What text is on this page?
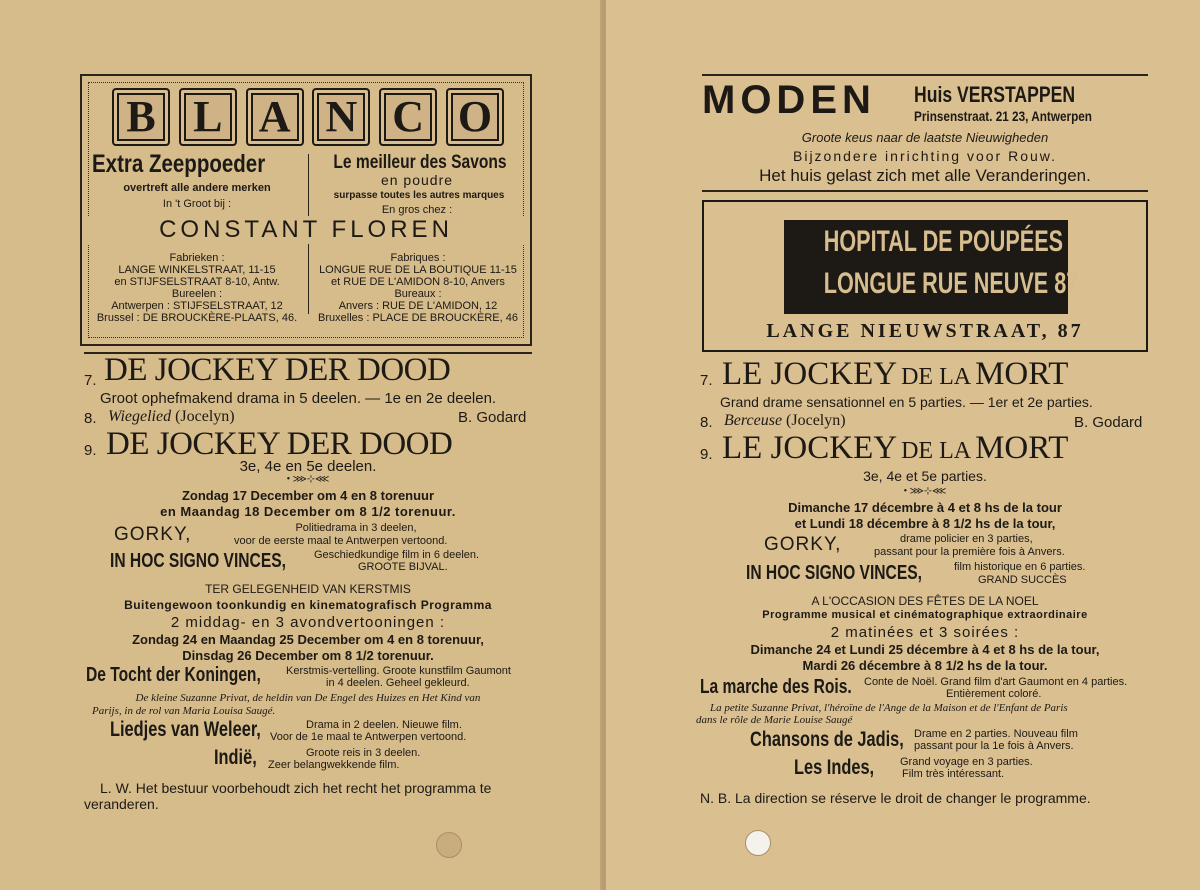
B L A N C O
Extra Zeeppoeder
overtreft alle andere merken
In 't Groot bij :
Le meilleur des Savons
en poudre
surpasse toutes les autres marques
En gros chez :
CONSTANT FLOREN
Fabrieken :
LANGE WINKELSTRAAT, 11-15
en STIJFSELSTRAAT 8-10, Antw.
Bureelen :
Antwerpen : STIJFSELSTRAAT, 12
Brussel : DE BROUCKÈRE-PLAATS, 46.
Fabriques :
LONGUE RUE DE LA BOUTIQUE 11-15
et RUE DE L'AMIDON 8-10, Anvers
Bureaux :
Anvers : RUE DE L'AMIDON, 12
Bruxelles : PLACE DE BROUCKÈRE, 46
7. DE JOCKEY DER DOOD
Groot ophefmakend drama in 5 deelen. — 1e en 2e deelen.
8. Wiegelied (Jocelyn)	B. Godard
9. DE JOCKEY DER DOOD
3e, 4e en 5e deelen.
• ⋙⊹⋘
Zondag 17 December om 4 en 8 torenuur
en Maandag 18 December om 8 1/2 torenuur.
GORKY,	Politiedrama in 3 deelen,
voor de eerste maal te Antwerpen vertoond.
IN HOC SIGNO VINCES,	Geschiedkundige film in 6 deelen.
GROOTE BIJVAL.
TER GELEGENHEID VAN KERSTMIS
Buitengewoon toonkundig en kinematografisch Programma
2 middag- en 3 avondvertooningen :
Zondag 24 en Maandag 25 December om 4 en 8 torenuur,
Dinsdag 26 December om 8 1/2 torenuur.
De Tocht der Koningen, Kerstmis-vertelling. Groote kunstfilm Gaumont
in 4 deelen. Geheel gekleurd.
De kleine Suzanne Privat, de heldin van De Engel des Huizes en Het Kind van
Parijs, in de rol van Maria Louisa Saugé.
Liedjes van Weleer,	Drama in 2 deelen. Nieuwe film.
Voor de 1e maal te Antwerpen vertoond.
Indië,	Groote reis in 3 deelen.
Zeer belangwekkende film.
L. W. Het bestuur voorbehoudt zich het recht het programma te
veranderen.
MODEN Huis VERSTAPPEN
Prinsenstraat. 21 23, Antwerpen
Groote keus naar de laatste Nieuwigheden
Bijzondere inrichting voor Rouw.
Het huis gelast zich met alle Veranderingen.
HOPITAL DE POUPÉES
LONGUE RUE NEUVE 87
LANGE NIEUWSTRAAT, 87
7. LE JOCKEY DE LA MORT
Grand drame sensationnel en 5 parties. — 1er et 2e parties.
8. Berceuse (Jocelyn)	B. Godard
9. LE JOCKEY DE LA MORT
3e, 4e et 5e parties.
• ⋙⊹⋘
Dimanche 17 décembre à 4 et 8 hs de la tour
et Lundi 18 décembre à 8 1/2 hs de la tour,
GORKY,	drame policier en 3 parties,
passant pour la première fois à Anvers.
IN HOC SIGNO VINCES,	film historique en 6 parties.
GRAND SUCCÈS
A L'OCCASION DES FÊTES DE LA NOEL
Programme musical et cinématographique extraordinaire
2 matinées et 3 soirées :
Dimanche 24 et Lundi 25 décembre à 4 et 8 hs de la tour,
Mardi 26 décembre à 8 1/2 hs de la tour.
La marche des Rois. Conte de Noël. Grand film d'art Gaumont en 4 parties.
Entièrement coloré.
La petite Suzanne Privat, l'héroïne de l'Ange de la Maison et de l'Enfant de Paris
dans le rôle de Marie Louise Saugé
Chansons de Jadis, Drame en 2 parties. Nouveau film
passant pour la 1e fois à Anvers.
Les Indes, Grand voyage en 3 parties.
Film très intéressant.
N. B. La direction se réserve le droit de changer le programme.
